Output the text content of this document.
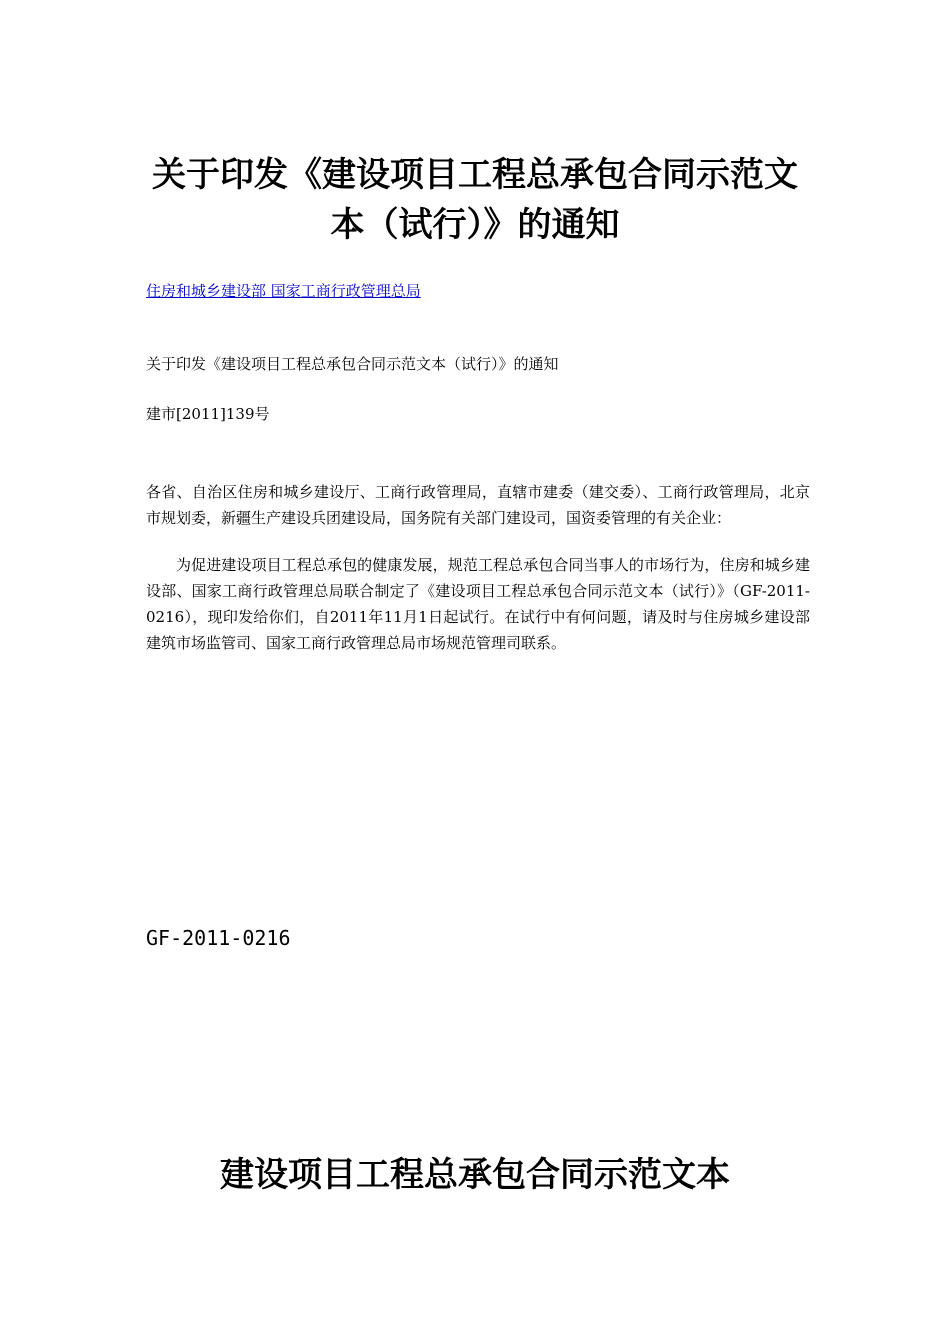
关于印发《建设项目工程总承包合同示范文本（试行）》的通知
住房和城乡建设部 国家工商行政管理总局
关于印发《建设项目工程总承包合同示范文本（试行）》的通知
建市[2011]139号

各省、自治区住房和城乡建设厅、工商行政管理局，直辖市建委（建交委）、工商行政管理局，北京市规划委，新疆生产建设兵团建设局，国务院有关部门建设司，国资委管理的有关企业：

为促进建设项目工程总承包的健康发展，规范工程总承包合同当事人的市场行为，住房和城乡建设部、国家工商行政管理总局联合制定了《建设项目工程总承包合同示范文本（试行）》（GF-2011-0216），现印发给你们，自2011年11月1日起试行。在试行中有何问题，请及时与住房城乡建设部建筑市场监管司、国家工商行政管理总局市场规范管理司联系。

GF-2011-0216
建设项目工程总承包合同示范文本
